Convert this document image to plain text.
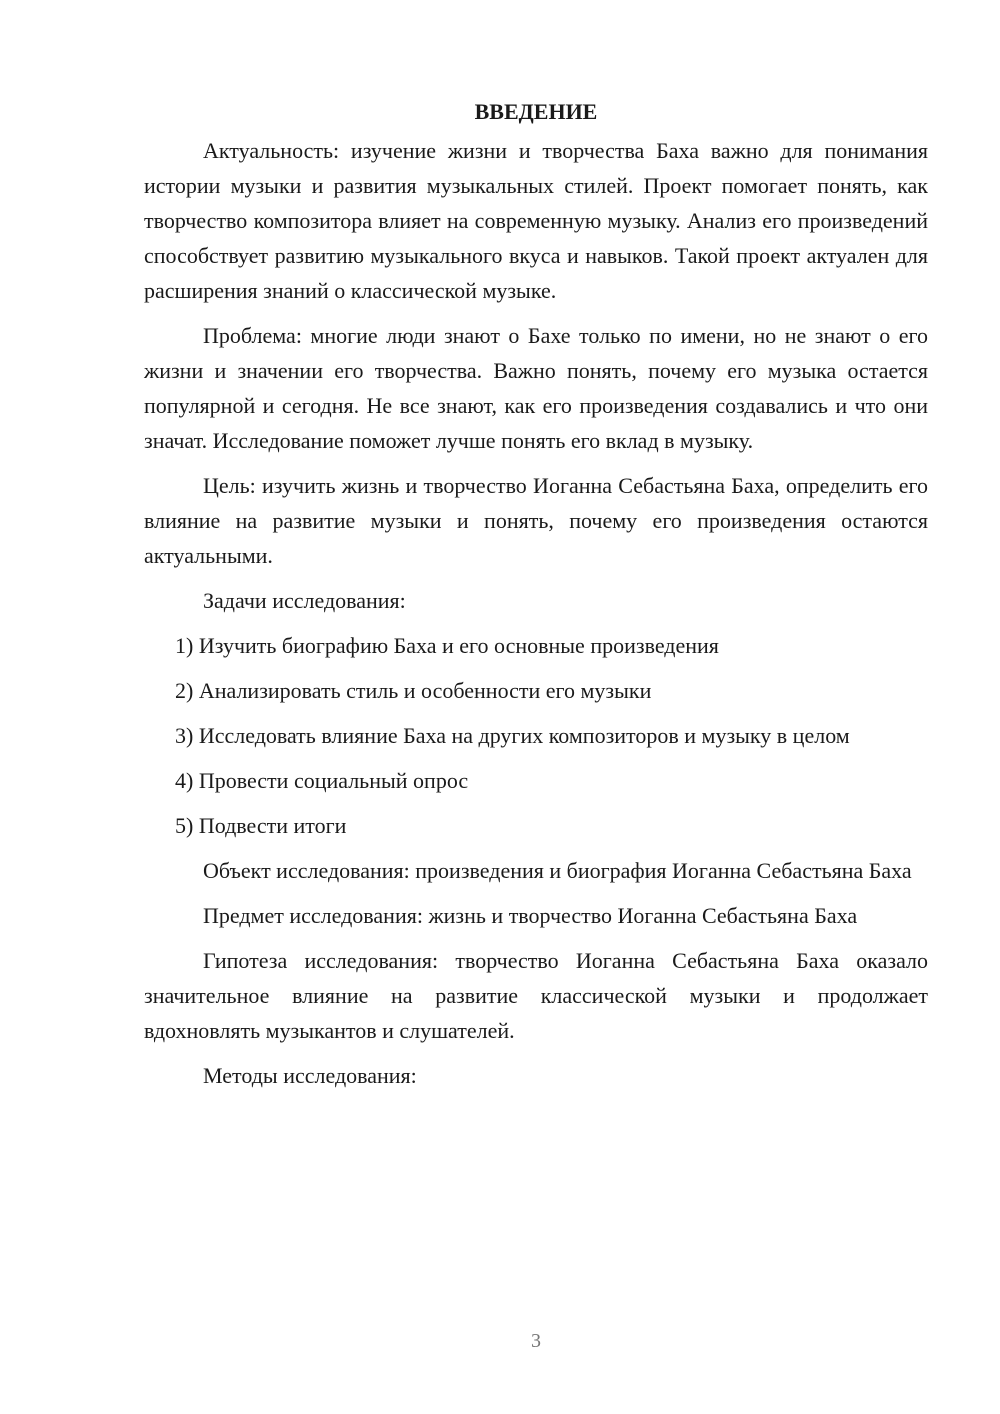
ВВЕДЕНИЕ

Актуальность: изучение жизни и творчества Баха важно для понимания истории музыки и развития музыкальных стилей. Проект помогает понять, как творчество композитора влияет на современную музыку. Анализ его произведений способствует развитию музыкального вкуса и навыков. Такой проект актуален для расширения знаний о классической музыке.

Проблема: многие люди знают о Бахе только по имени, но не знают о его жизни и значении его творчества. Важно понять, почему его музыка остается популярной и сегодня. Не все знают, как его произведения создавались и что они значат. Исследование поможет лучше понять его вклад в музыку.

Цель: изучить жизнь и творчество Иоганна Себастьяна Баха, определить его влияние на развитие музыки и понять, почему его произведения остаются актуальными.

Задачи исследования:

1) Изучить биографию Баха и его основные произведения

2) Анализировать стиль и особенности его музыки

3) Исследовать влияние Баха на других композиторов и музыку в целом

4) Провести социальный опрос

5) Подвести итоги

Объект исследования: произведения и биография Иоганна Себастьяна Баха

Предмет исследования: жизнь и творчество Иоганна Себастьяна Баха

Гипотеза исследования: творчество Иоганна Себастьяна Баха оказало значительное влияние на развитие классической музыки и продолжает вдохновлять музыкантов и слушателей.

Методы исследования:

3
